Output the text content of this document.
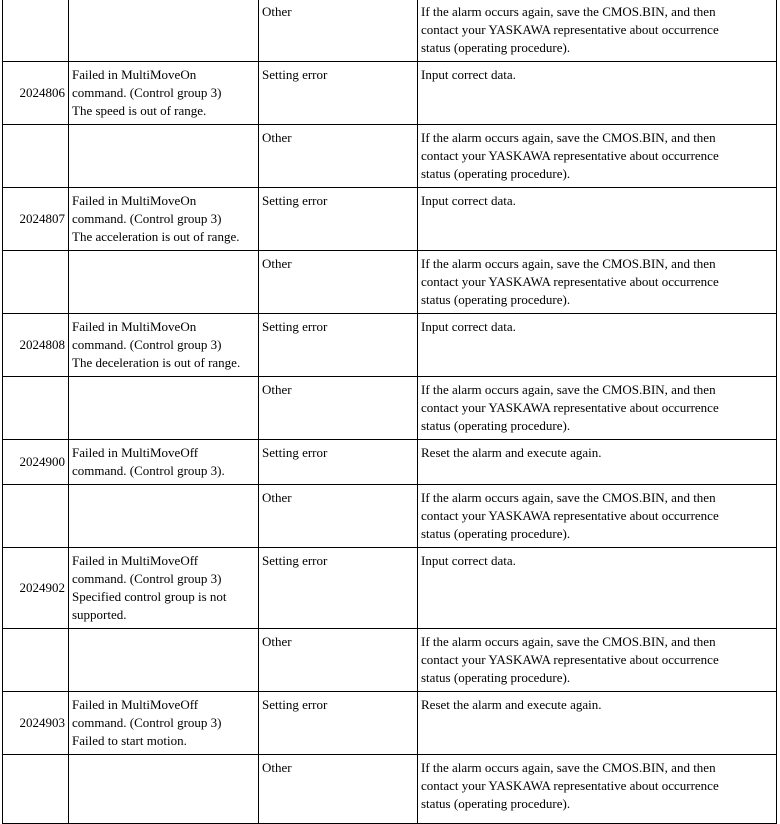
		Other	If the alarm occurs again, save the CMOS.BIN, and then
contact your YASKAWA representative about occurrence
status (operating procedure).

2024806	Failed in MultiMoveOn
command. (Control group 3)
The speed is out of range.	Setting error	Input correct data.

		Other	If the alarm occurs again, save the CMOS.BIN, and then
contact your YASKAWA representative about occurrence
status (operating procedure).

2024807	Failed in MultiMoveOn
command. (Control group 3)
The acceleration is out of range.	Setting error	Input correct data.

		Other	If the alarm occurs again, save the CMOS.BIN, and then
contact your YASKAWA representative about occurrence
status (operating procedure).

2024808	Failed in MultiMoveOn
command. (Control group 3)
The deceleration is out of range.	Setting error	Input correct data.

		Other	If the alarm occurs again, save the CMOS.BIN, and then
contact your YASKAWA representative about occurrence
status (operating procedure).

2024900	Failed in MultiMoveOff
command. (Control group 3).	Setting error	Reset the alarm and execute again.

		Other	If the alarm occurs again, save the CMOS.BIN, and then
contact your YASKAWA representative about occurrence
status (operating procedure).

2024902	Failed in MultiMoveOff
command. (Control group 3)
Specified control group is not
supported.	Setting error	Input correct data.

		Other	If the alarm occurs again, save the CMOS.BIN, and then
contact your YASKAWA representative about occurrence
status (operating procedure).

2024903	Failed in MultiMoveOff
command. (Control group 3)
Failed to start motion.	Setting error	Reset the alarm and execute again.

		Other	If the alarm occurs again, save the CMOS.BIN, and then
contact your YASKAWA representative about occurrence
status (operating procedure).
